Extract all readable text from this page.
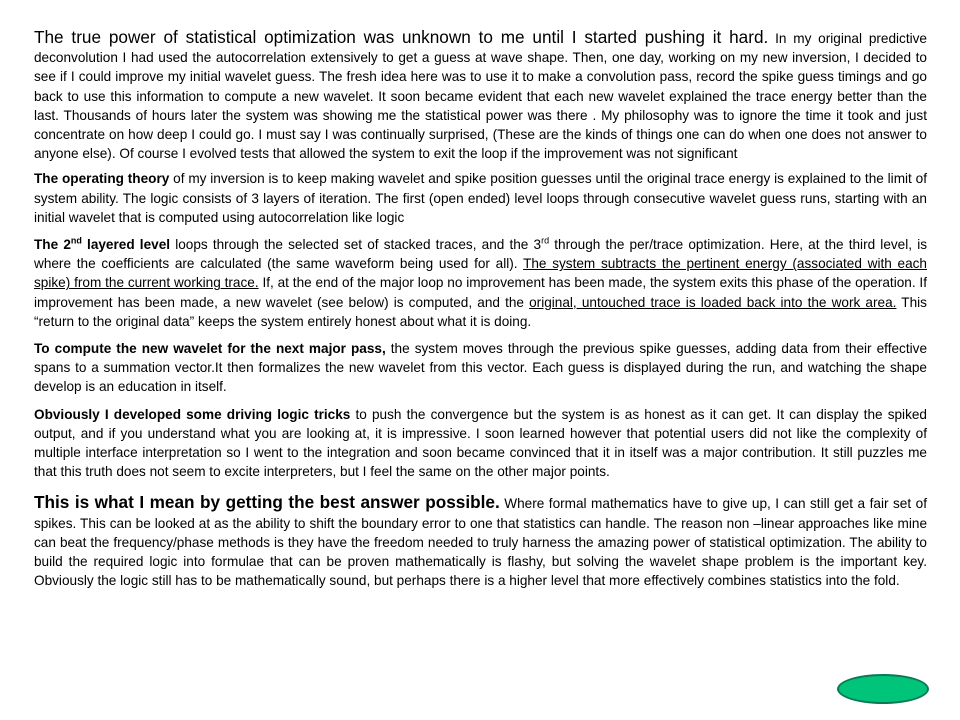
The true power of statistical optimization was unknown to me until I started pushing it hard. In my original predictive deconvolution I had used the autocorrelation extensively to get a guess at wave shape. Then, one day, working on my new inversion, I decided to see if I could improve my initial wavelet guess. The fresh idea here was to use it to make a convolution pass, record the spike guess timings and go back to use this information to compute a new wavelet. It soon became evident that each new wavelet explained the trace energy better than the last. Thousands of hours later the system was showing me the statistical power was there . My philosophy was to ignore the time it took and just concentrate on how deep I could go. I must say I was continually surprised, (These are the kinds of things one can do when one does not answer to anyone else). Of course I evolved tests that allowed the system to exit the loop if the improvement was not significant

The operating theory of my inversion is to keep making wavelet and spike position guesses until the original trace energy is explained to the limit of system ability. The logic consists of 3 layers of iteration. The first (open ended) level loops through consecutive wavelet guess runs, starting with an initial wavelet that is computed using autocorrelation like logic

The 2nd layered level loops through the selected set of stacked traces, and the 3rd through the per/trace optimization. Here, at the third level, is where the coefficients are calculated (the same waveform being used for all). The system subtracts the pertinent energy (associated with each spike) from the current working trace. If, at the end of the major loop no improvement has been made, the system exits this phase of the operation. If improvement has been made, a new wavelet (see below) is computed, and the original, untouched trace is loaded back into the work area. This “return to the original data” keeps the system entirely honest about what it is doing.

To compute the new wavelet for the next major pass, the system moves through the previous spike guesses, adding data from their effective spans to a summation vector.It then formalizes the new wavelet from this vector. Each guess is displayed during the run, and watching the shape develop is an education in itself.

Obviously I developed some driving logic tricks to push the convergence but the system is as honest as it can get. It can display the spiked output, and if you understand what you are looking at, it is impressive. I soon learned however that potential users did not like the complexity of multiple interface interpretation so I went to the integration and soon became convinced that it in itself was a major contribution. It still puzzles me that this truth does not seem to excite interpreters, but I feel the same on the other major points.

This is what I mean by getting the best answer possible. Where formal mathematics have to give up, I can still get a fair set of spikes. This can be looked at as the ability to shift the boundary error to one that statistics can handle. The reason non –linear approaches like mine can beat the frequency/phase methods is they have the freedom needed to truly harness the amazing power of statistical optimization. The ability to build the required logic into formulae that can be proven mathematically is flashy, but solving the wavelet shape problem is the important key. Obviously the logic still has to be mathematically sound, but perhaps there is a higher level that more effectively combines statistics into the fold.
